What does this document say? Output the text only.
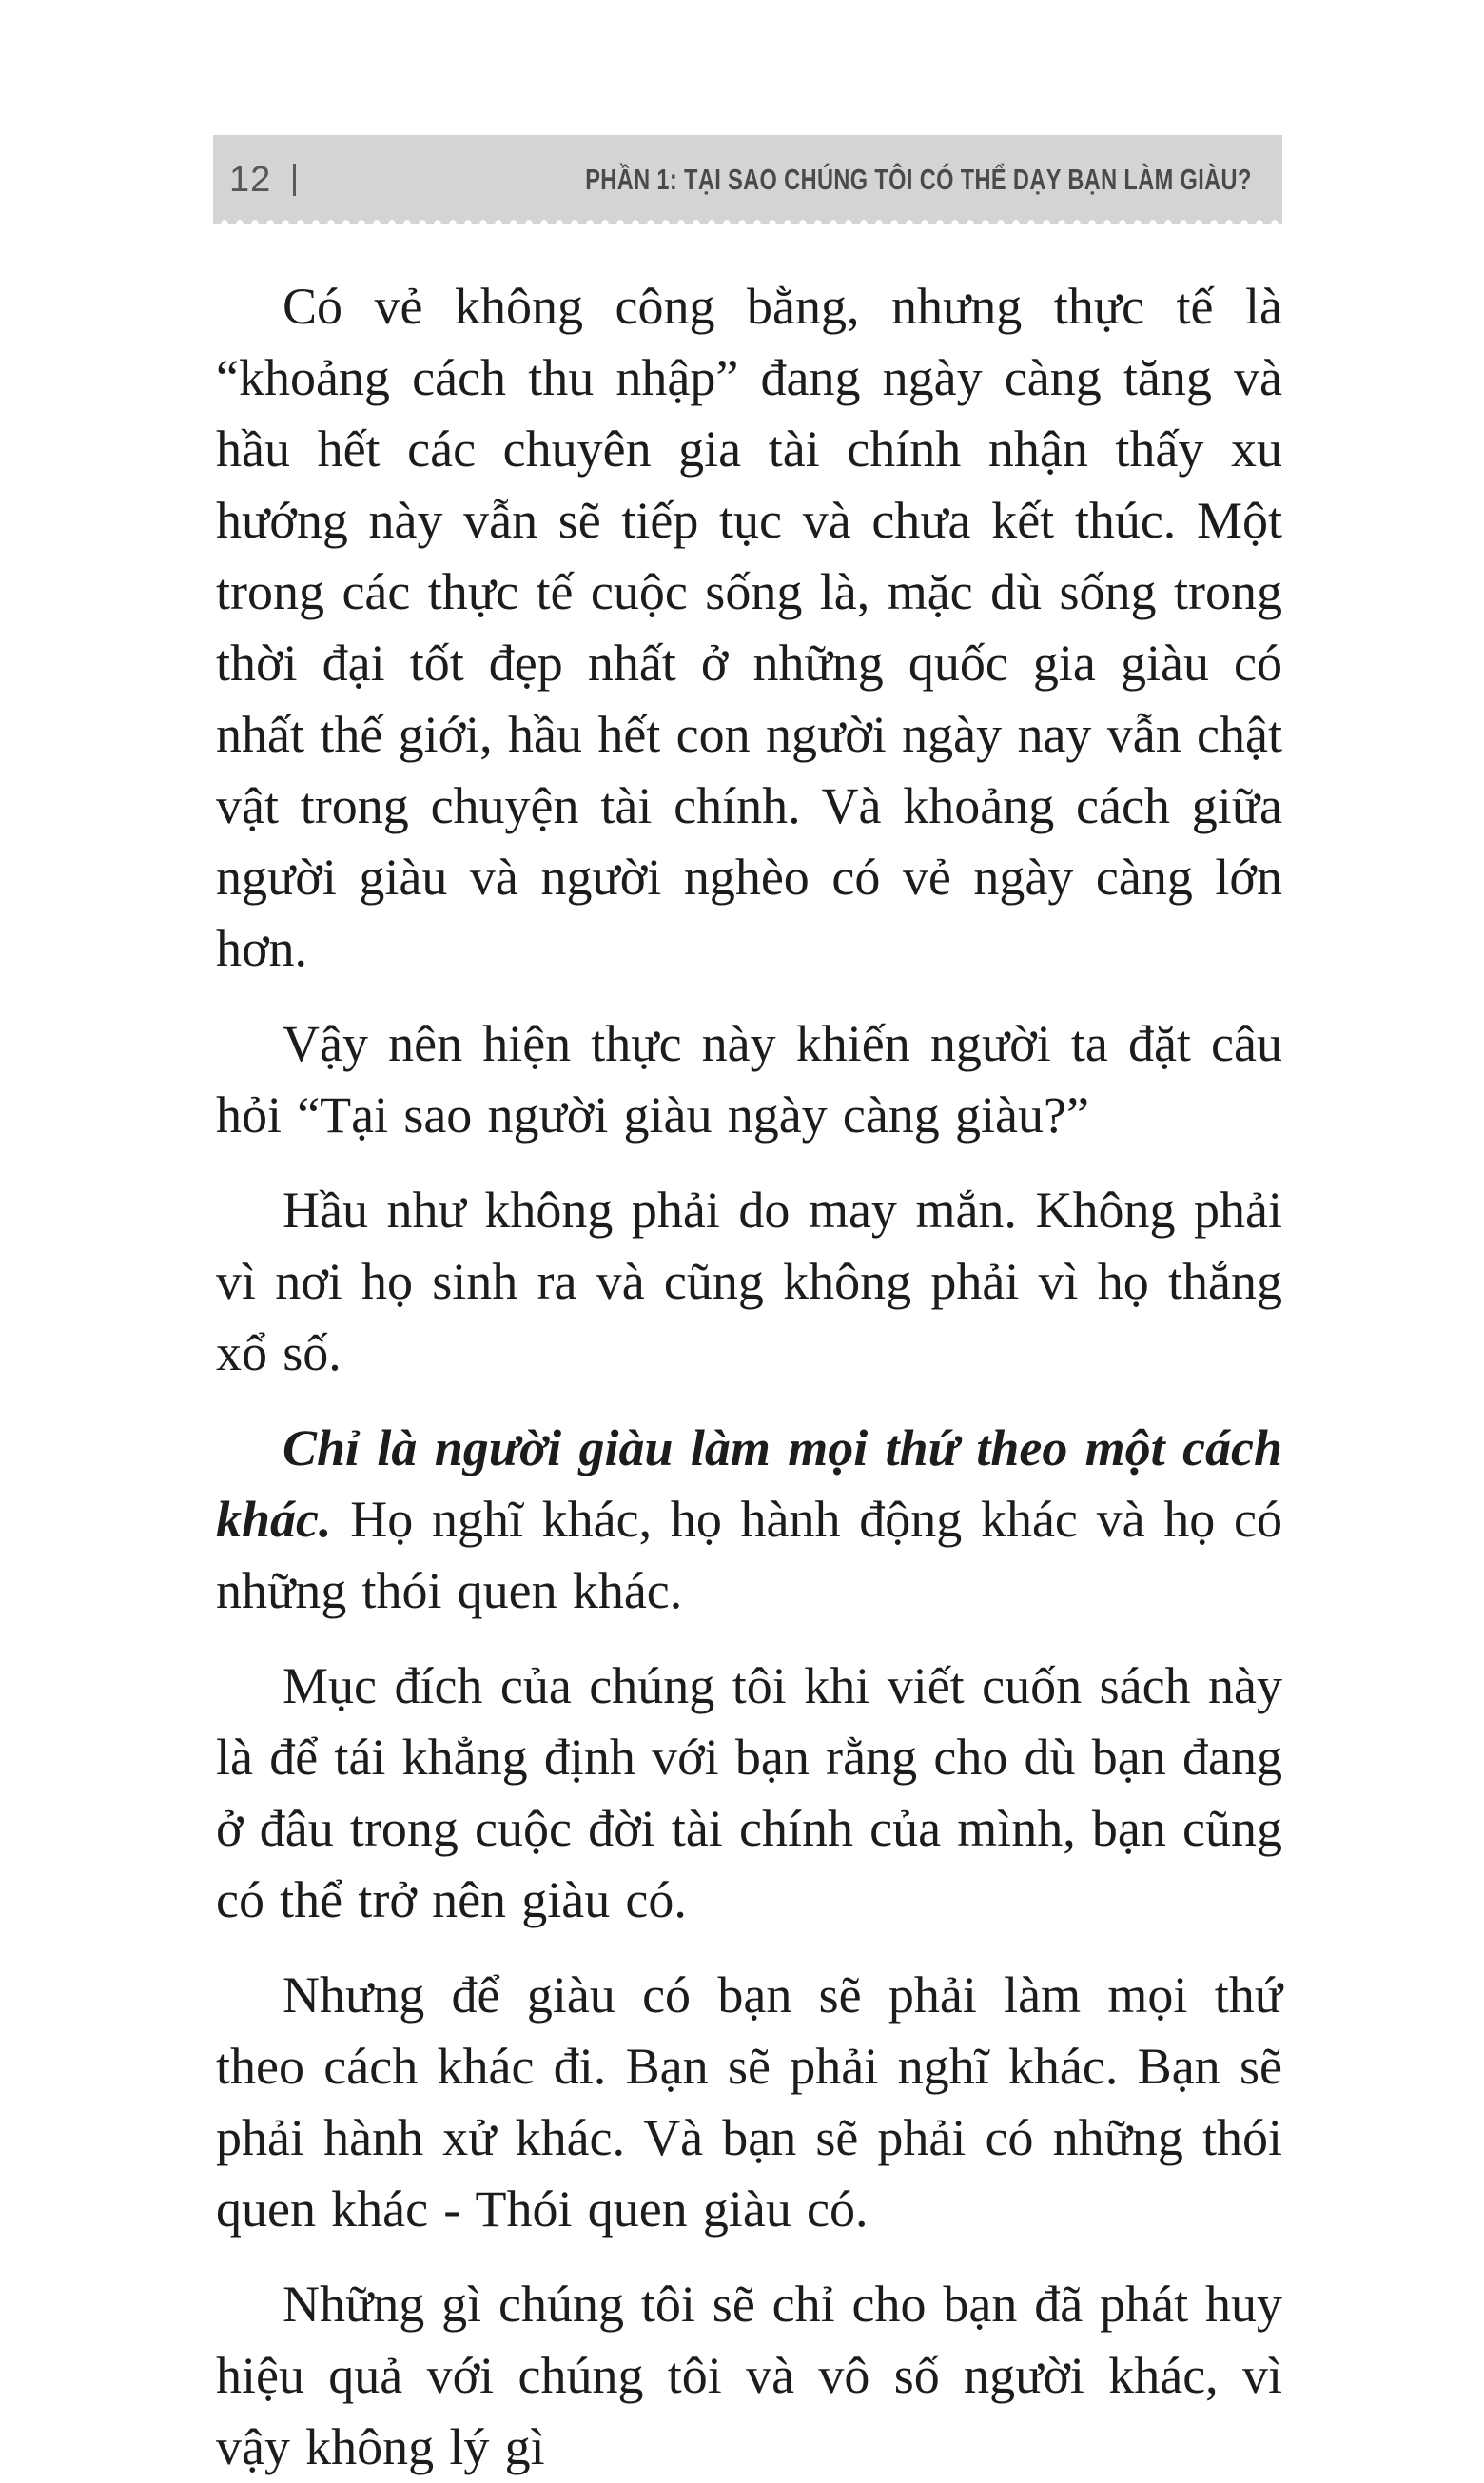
12	PHẦN 1: TẠI SAO CHÚNG TÔI CÓ THỂ DẠY BẠN LÀM GIÀU?

Có vẻ không công bằng, nhưng thực tế là “khoảng cách thu nhập” đang ngày càng tăng và hầu hết các chuyên gia tài chính nhận thấy xu hướng này vẫn sẽ tiếp tục và chưa kết thúc. Một trong các thực tế cuộc sống là, mặc dù sống trong thời đại tốt đẹp nhất ở những quốc gia giàu có nhất thế giới, hầu hết con người ngày nay vẫn chật vật trong chuyện tài chính. Và khoảng cách giữa người giàu và người nghèo có vẻ ngày càng lớn hơn.

Vậy nên hiện thực này khiến người ta đặt câu hỏi “Tại sao người giàu ngày càng giàu?”

Hầu như không phải do may mắn. Không phải vì nơi họ sinh ra và cũng không phải vì họ thắng xổ số.

Chỉ là người giàu làm mọi thứ theo một cách khác. Họ nghĩ khác, họ hành động khác và họ có những thói quen khác.

Mục đích của chúng tôi khi viết cuốn sách này là để tái khẳng định với bạn rằng cho dù bạn đang ở đâu trong cuộc đời tài chính của mình, bạn cũng có thể trở nên giàu có.

Nhưng để giàu có bạn sẽ phải làm mọi thứ theo cách khác đi. Bạn sẽ phải nghĩ khác. Bạn sẽ phải hành xử khác. Và bạn sẽ phải có những thói quen khác - Thói quen giàu có.

Những gì chúng tôi sẽ chỉ cho bạn đã phát huy hiệu quả với chúng tôi và vô số người khác, vì vậy không lý gì
